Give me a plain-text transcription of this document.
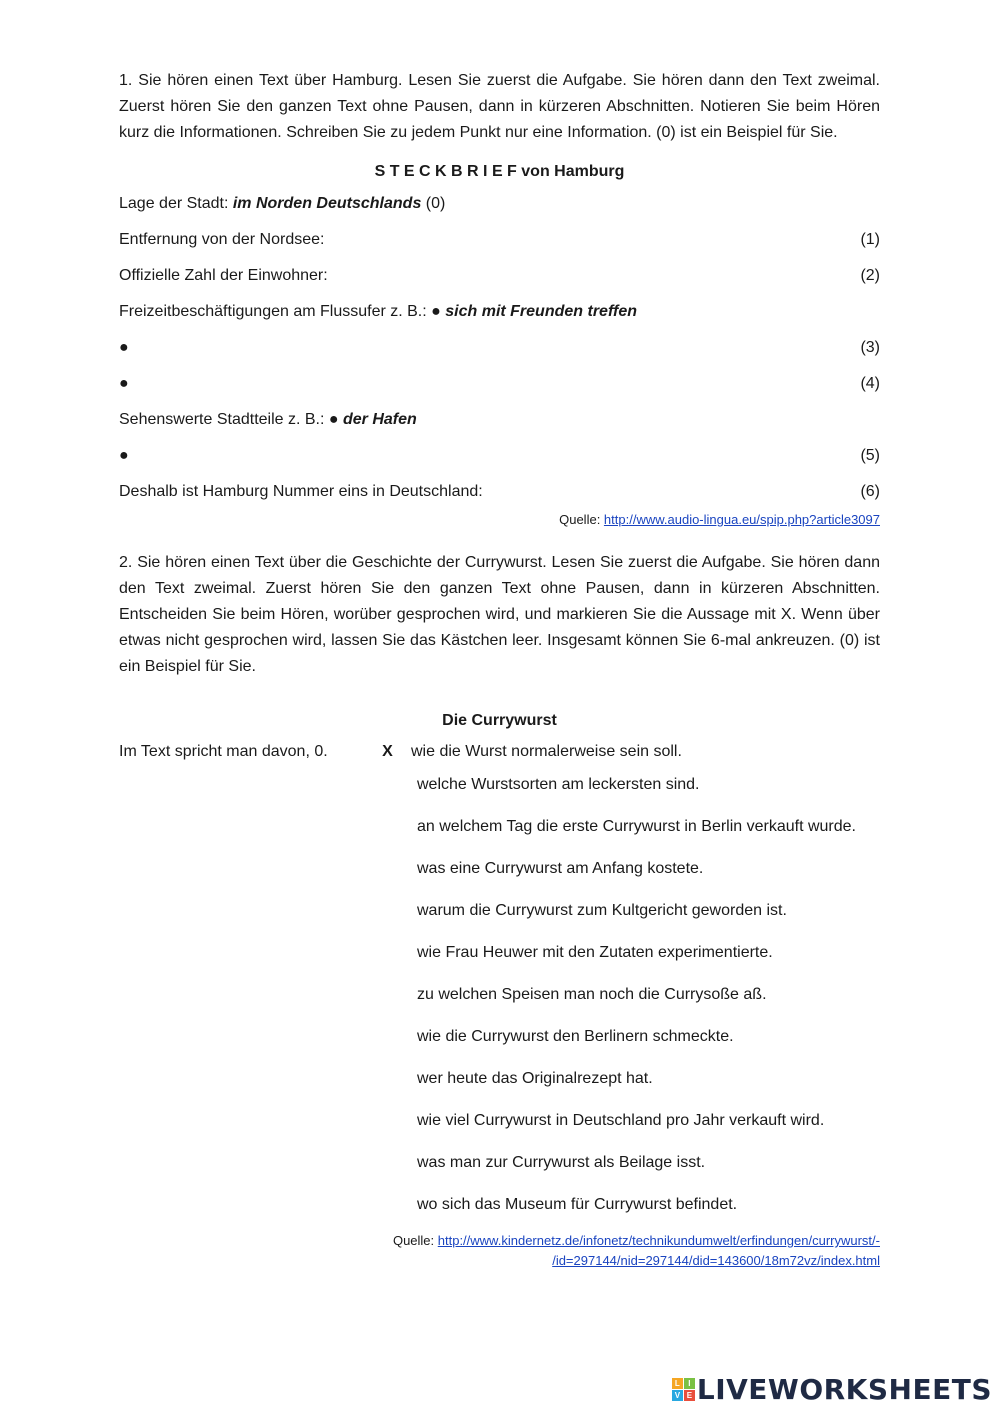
1. Sie hören einen Text über Hamburg. Lesen Sie zuerst die Aufgabe. Sie hören dann den Text zweimal. Zuerst hören Sie den ganzen Text ohne Pausen, dann in kürzeren Abschnitten. Notieren Sie beim Hören kurz die Informationen. Schreiben Sie zu jedem Punkt nur eine Information. (0) ist ein Beispiel für Sie.

S T E C K B R I E F von Hamburg

Lage der Stadt: im Norden Deutschlands (0)
Entfernung von der Nordsee:	(1)
Offizielle Zahl der Einwohner:	(2)
Freizeitbeschäftigungen am Flussufer z. B.: ● sich mit Freunden treffen
●	(3)
●	(4)
Sehenswerte Stadtteile z. B.: ● der Hafen
●	(5)
Deshalb ist Hamburg Nummer eins in Deutschland:	(6)

Quelle: http://www.audio-lingua.eu/spip.php?article3097

2. Sie hören einen Text über die Geschichte der Currywurst. Lesen Sie zuerst die Aufgabe. Sie hören dann den Text zweimal. Zuerst hören Sie den ganzen Text ohne Pausen, dann in kürzeren Abschnitten. Entscheiden Sie beim Hören, worüber gesprochen wird, und markieren Sie die Aussage mit X. Wenn über etwas nicht gesprochen wird, lassen Sie das Kästchen leer. Insgesamt können Sie 6-mal ankreuzen. (0) ist ein Beispiel für Sie.

Die Currywurst

Im Text spricht man davon, 0.	X	wie die Wurst normalerweise sein soll.

welche Wurstsorten am leckersten sind.

an welchem Tag die erste Currywurst in Berlin verkauft wurde.

was eine Currywurst am Anfang kostete.

warum die Currywurst zum Kultgericht geworden ist.

wie Frau Heuwer mit den Zutaten experimentierte.

zu welchen Speisen man noch die Currysoße aß.

wie die Currywurst den Berlinern schmeckte.

wer heute das Originalrezept hat.

wie viel Currywurst in Deutschland pro Jahr verkauft wird.

was man zur Currywurst als Beilage isst.

wo sich das Museum für Currywurst befindet.

Quelle: http://www.kindernetz.de/infonetz/technikundumwelt/erfindungen/currywurst/-
/id=297144/nid=297144/did=143600/18m72vz/index.html

L	I
V E LIVEWORKSHEETS
